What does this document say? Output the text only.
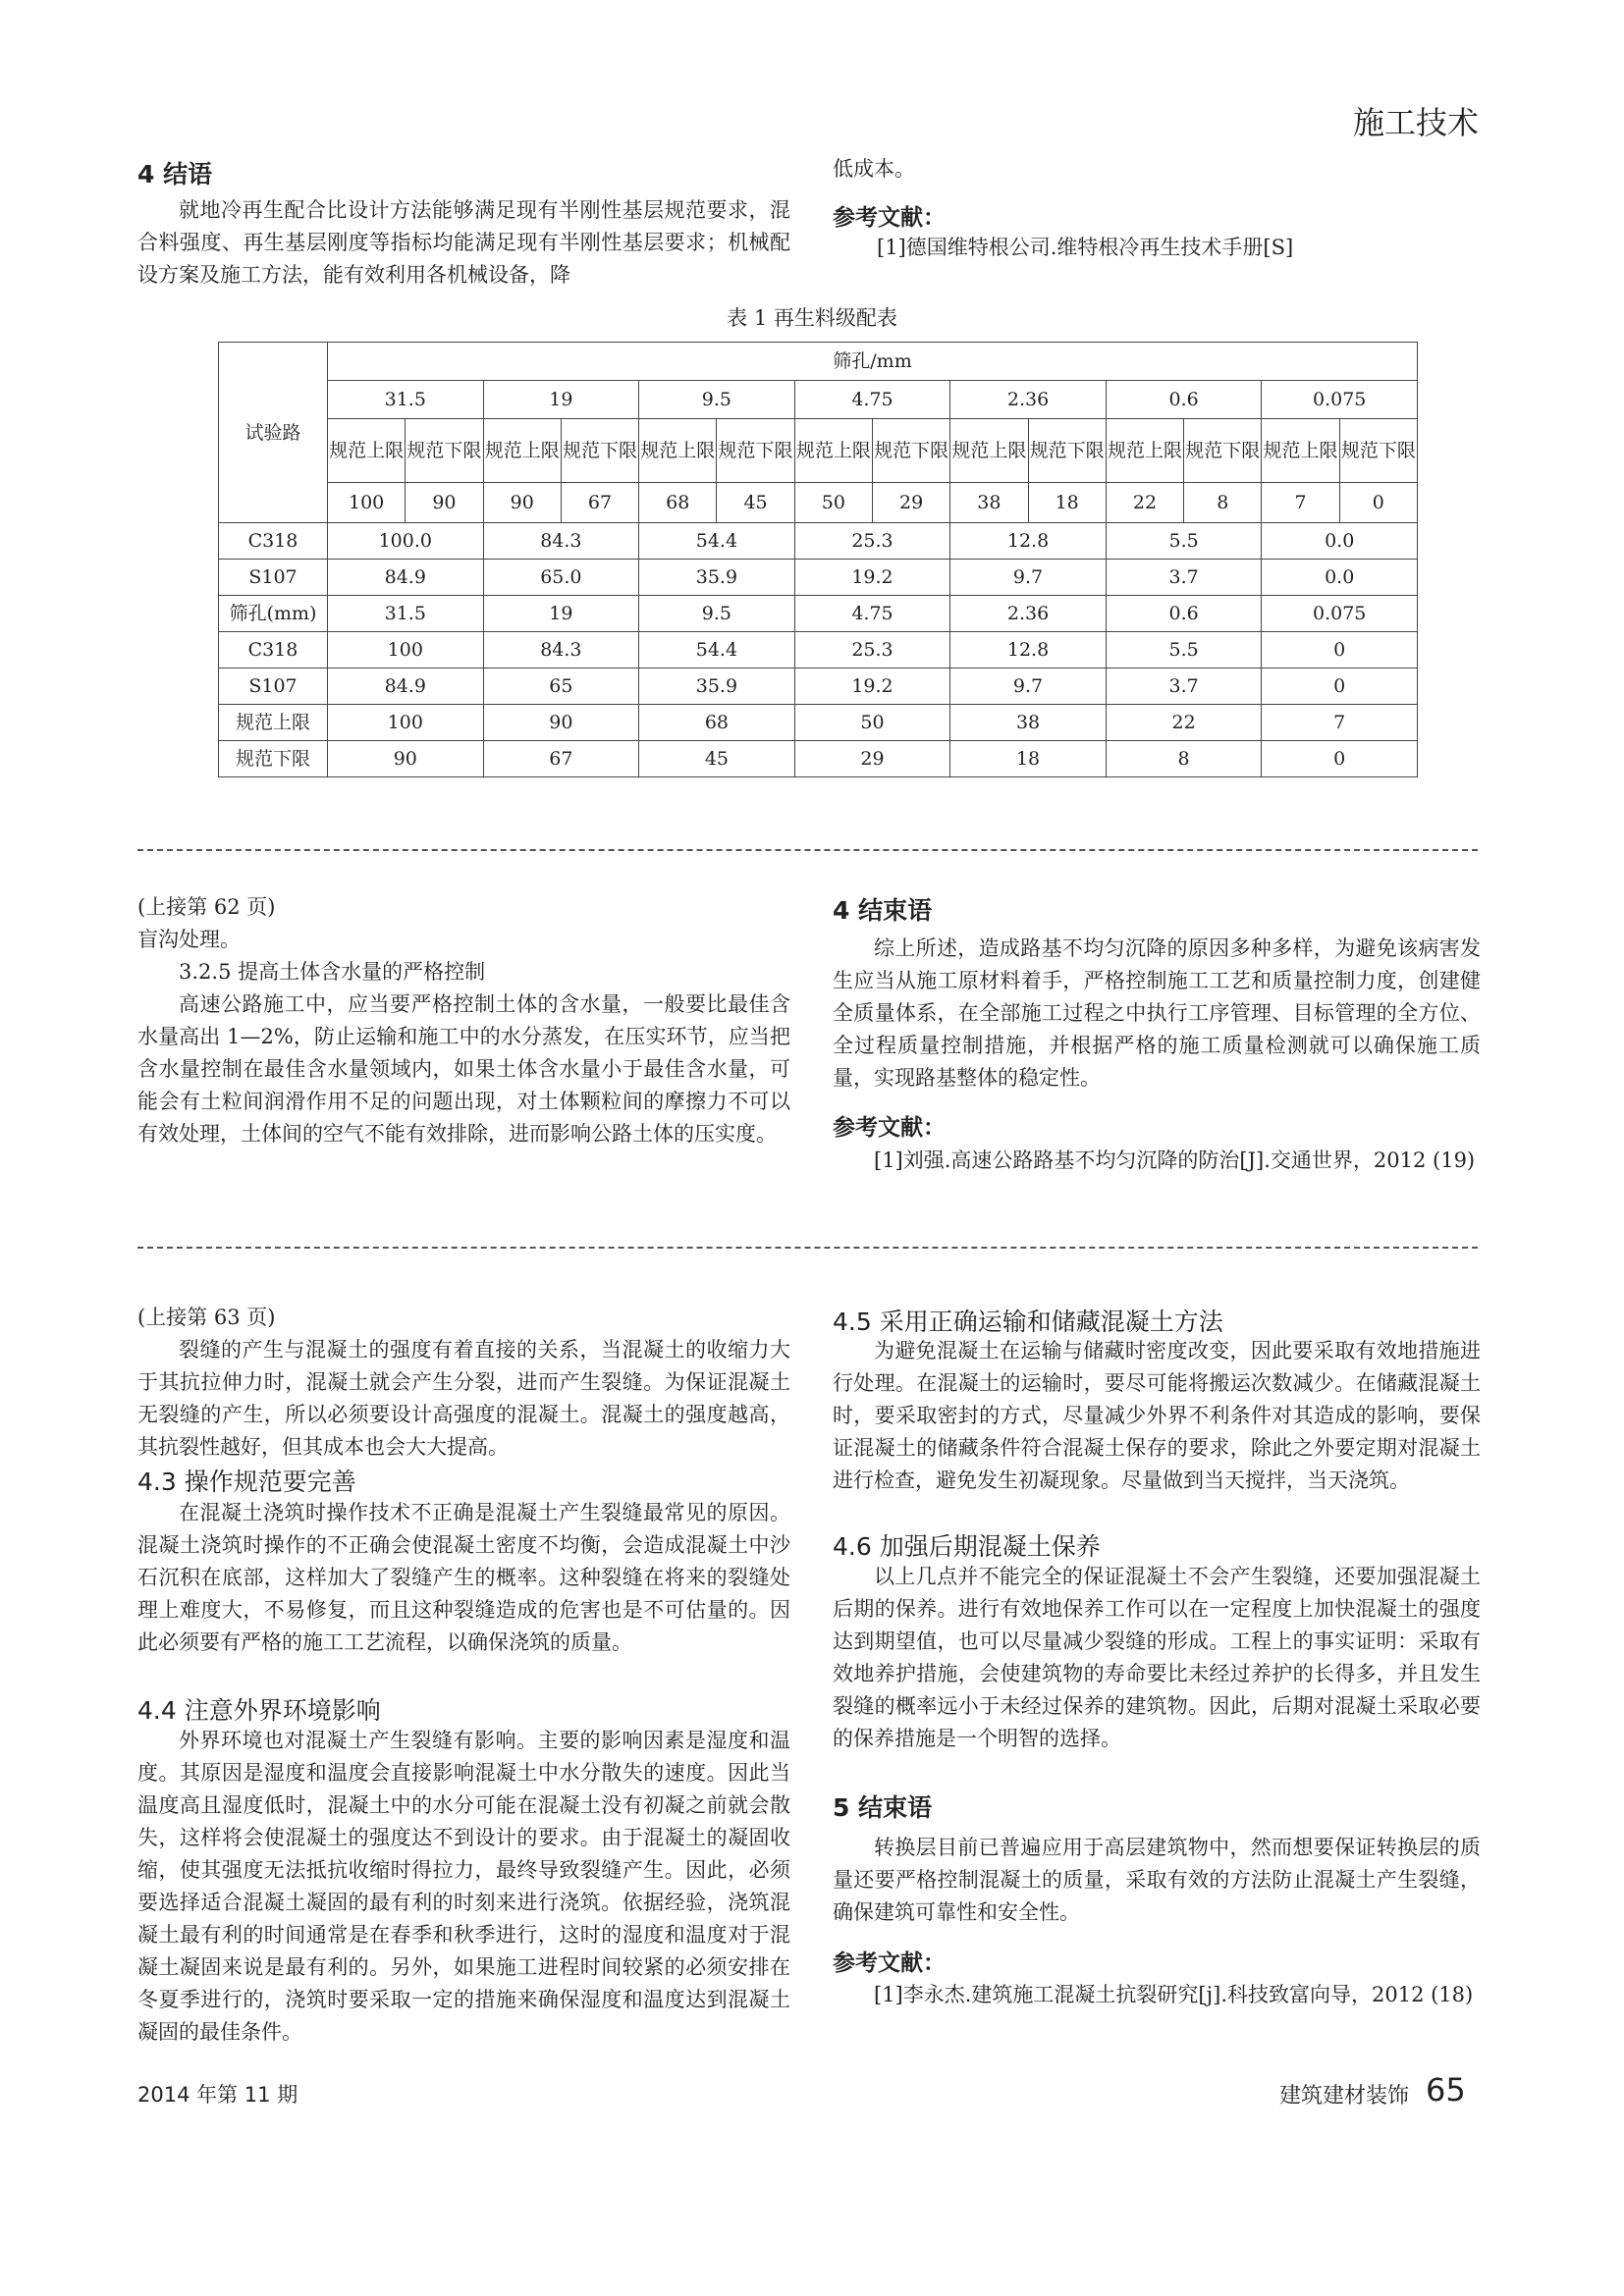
施工技术
4 结语

就地冷再生配合比设计方法能够满足现有半刚性基层规范要求，混合料强度、再生基层刚度等指标均能满足现有半刚性基层要求；机械配设方案及施工方法，能有效利用各机械设备，降

低成本。

参考文献：

[1]德国维特根公司.维特根冷再生技术手册[S]

表 1 再生料级配表
试验路	筛孔/mm													
	31.5		19		9.5		4.75		2.36		0.6		0.075	
	规范上限	规范下限	规范上限	规范下限	规范上限	规范下限	规范上限	规范下限	规范上限	规范下限	规范上限	规范下限	规范上限	规范下限
	100	90	90	67	68	45	50	29	38	18	22	8	7	0
C318	100.0		84.3		54.4		25.3		12.8		5.5		0.0	
S107	84.9		65.0		35.9		19.2		9.7		3.7		0.0	
筛孔(mm)	31.5		19		9.5		4.75		2.36		0.6		0.075	
C318	100		84.3		54.4		25.3		12.8		5.5		0	
S107	84.9		65		35.9		19.2		9.7		3.7		0	
规范上限	100		90		68		50		38		22		7	
规范下限	90		67		45		29		18		8		0	

(上接第 62 页)

盲沟处理。

3.2.5 提高土体含水量的严格控制

高速公路施工中，应当要严格控制土体的含水量，一般要比最佳含水量高出 1—2%，防止运输和施工中的水分蒸发，在压实环节，应当把含水量控制在最佳含水量领域内，如果土体含水量小于最佳含水量，可能会有土粒间润滑作用不足的问题出现，对土体颗粒间的摩擦力不可以有效处理，土体间的空气不能有效排除，进而影响公路土体的压实度。

4 结束语

综上所述，造成路基不均匀沉降的原因多种多样，为避免该病害发生应当从施工原材料着手，严格控制施工工艺和质量控制力度，创建健全质量体系，在全部施工过程之中执行工序管理、目标管理的全方位、全过程质量控制措施，并根据严格的施工质量检测就可以确保施工质量，实现路基整体的稳定性。

参考文献：

[1]刘强.高速公路路基不均匀沉降的防治[J].交通世界，2012 (19)

(上接第 63 页)

裂缝的产生与混凝土的强度有着直接的关系，当混凝土的收缩力大于其抗拉伸力时，混凝土就会产生分裂，进而产生裂缝。为保证混凝土无裂缝的产生，所以必须要设计高强度的混凝土。混凝土的强度越高，其抗裂性越好，但其成本也会大大提高。

4.3 操作规范要完善

在混凝土浇筑时操作技术不正确是混凝土产生裂缝最常见的原因。混凝土浇筑时操作的不正确会使混凝土密度不均衡，会造成混凝土中沙石沉积在底部，这样加大了裂缝产生的概率。这种裂缝在将来的裂缝处理上难度大，不易修复，而且这种裂缝造成的危害也是不可估量的。因此必须要有严格的施工工艺流程，以确保浇筑的质量。

4.4 注意外界环境影响

外界环境也对混凝土产生裂缝有影响。主要的影响因素是湿度和温度。其原因是湿度和温度会直接影响混凝土中水分散失的速度。因此当温度高且湿度低时，混凝土中的水分可能在混凝土没有初凝之前就会散失，这样将会使混凝土的强度达不到设计的要求。由于混凝土的凝固收缩，使其强度无法抵抗收缩时得拉力，最终导致裂缝产生。因此，必须要选择适合混凝土凝固的最有利的时刻来进行浇筑。依据经验，浇筑混凝土最有利的时间通常是在春季和秋季进行，这时的湿度和温度对于混凝土凝固来说是最有利的。另外，如果施工进程时间较紧的必须安排在冬夏季进行的，浇筑时要采取一定的措施来确保湿度和温度达到混凝土凝固的最佳条件。

4.5 采用正确运输和储藏混凝土方法

为避免混凝土在运输与储藏时密度改变，因此要采取有效地措施进行处理。在混凝土的运输时，要尽可能将搬运次数减少。在储藏混凝土时，要采取密封的方式，尽量减少外界不利条件对其造成的影响，要保证混凝土的储藏条件符合混凝土保存的要求，除此之外要定期对混凝土进行检查，避免发生初凝现象。尽量做到当天搅拌，当天浇筑。

4.6 加强后期混凝土保养

以上几点并不能完全的保证混凝土不会产生裂缝，还要加强混凝土后期的保养。进行有效地保养工作可以在一定程度上加快混凝土的强度达到期望值，也可以尽量减少裂缝的形成。工程上的事实证明：采取有效地养护措施，会使建筑物的寿命要比未经过养护的长得多，并且发生裂缝的概率远小于未经过保养的建筑物。因此，后期对混凝土采取必要的保养措施是一个明智的选择。

5 结束语

转换层目前已普遍应用于高层建筑物中，然而想要保证转换层的质量还要严格控制混凝土的质量，采取有效的方法防止混凝土产生裂缝，确保建筑可靠性和安全性。

参考文献：

[1]李永杰.建筑施工混凝土抗裂研究[j].科技致富向导，2012 (18)

2014 年第 11 期	建筑建材装饰 65
